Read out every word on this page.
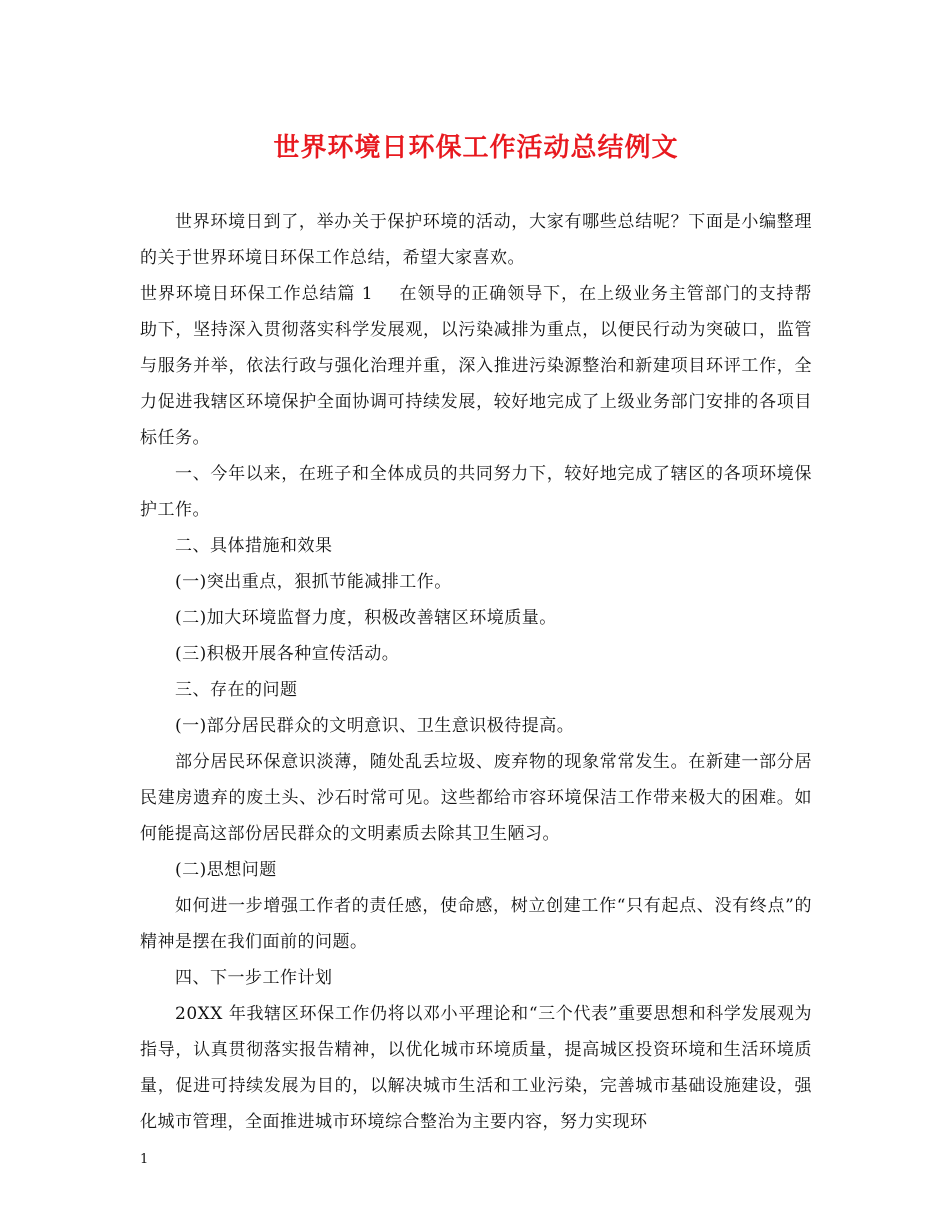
世界环境日环保工作活动总结例文

世界环境日到了，举办关于保护环境的活动，大家有哪些总结呢？下面是小编整理的关于世界环境日环保工作总结，希望大家喜欢。

世界环境日环保工作总结篇 1 在领导的正确领导下，在上级业务主管部门的支持帮助下，坚持深入贯彻落实科学发展观，以污染减排为重点，以便民行动为突破口，监管与服务并举，依法行政与强化治理并重，深入推进污染源整治和新建项目环评工作，全力促进我辖区环境保护全面协调可持续发展，较好地完成了上级业务部门安排的各项目标任务。

一、今年以来，在班子和全体成员的共同努力下，较好地完成了辖区的各项环境保护工作。

二、具体措施和效果

(一)突出重点，狠抓节能减排工作。

(二)加大环境监督力度，积极改善辖区环境质量。

(三)积极开展各种宣传活动。

三、存在的问题

(一)部分居民群众的文明意识、卫生意识极待提高。

部分居民环保意识淡薄，随处乱丢垃圾、废弃物的现象常常发生。在新建一部分居民建房遗弃的废土头、沙石时常可见。这些都给市容环境保洁工作带来极大的困难。如何能提高这部份居民群众的文明素质去除其卫生陋习。

(二)思想问题

如何进一步增强工作者的责任感，使命感，树立创建工作“只有起点、没有终点”的精神是摆在我们面前的问题。

四、下一步工作计划

20XX 年我辖区环保工作仍将以邓小平理论和“三个代表”重要思想和科学发展观为指导，认真贯彻落实报告精神，以优化城市环境质量，提高城区投资环境和生活环境质量，促进可持续发展为目的，以解决城市生活和工业污染，完善城市基础设施建设，强化城市管理，全面推进城市环境综合整治为主要内容，努力实现环

1
